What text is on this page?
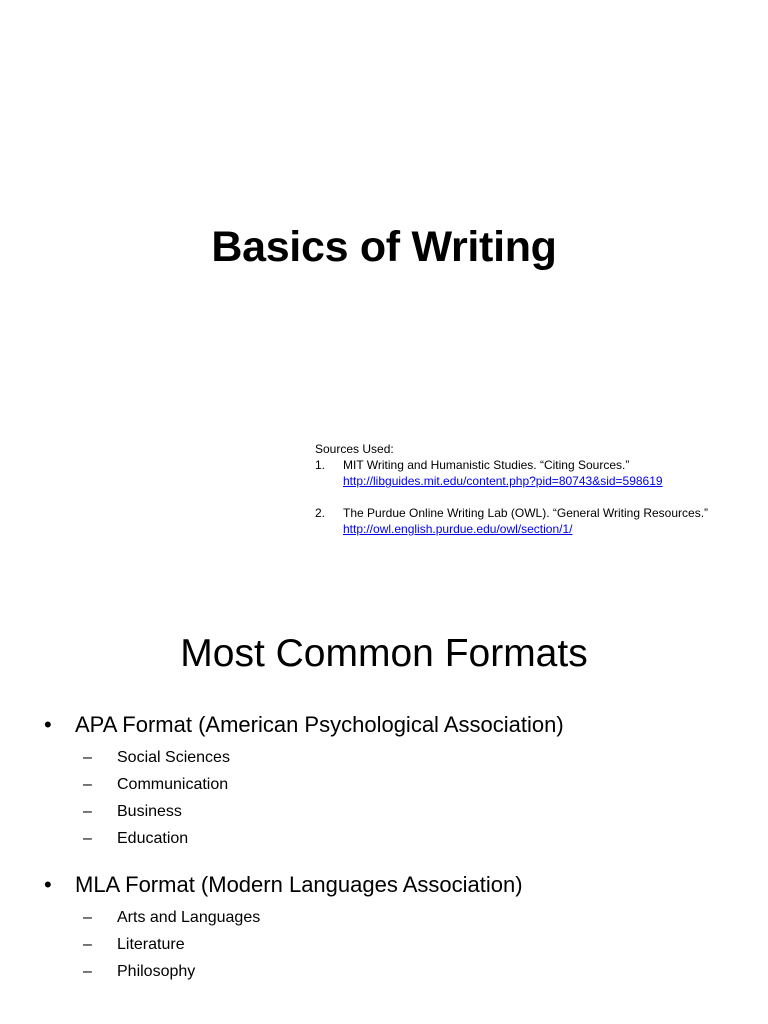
Basics of Writing

Sources Used:

1. MIT Writing and Humanistic Studies. “Citing Sources.”
http://libguides.mit.edu/content.php?pid=80743&sid=598619
2. The Purdue Online Writing Lab (OWL). “General Writing Resources.”
http://owl.english.purdue.edu/owl/section/1/
Most Common Formats
• APA Format (American Psychological Association)
– Social Sciences
– Communication
– Business
– Education
• MLA Format (Modern Languages Association)
– Arts and Languages
– Literature
– Philosophy
